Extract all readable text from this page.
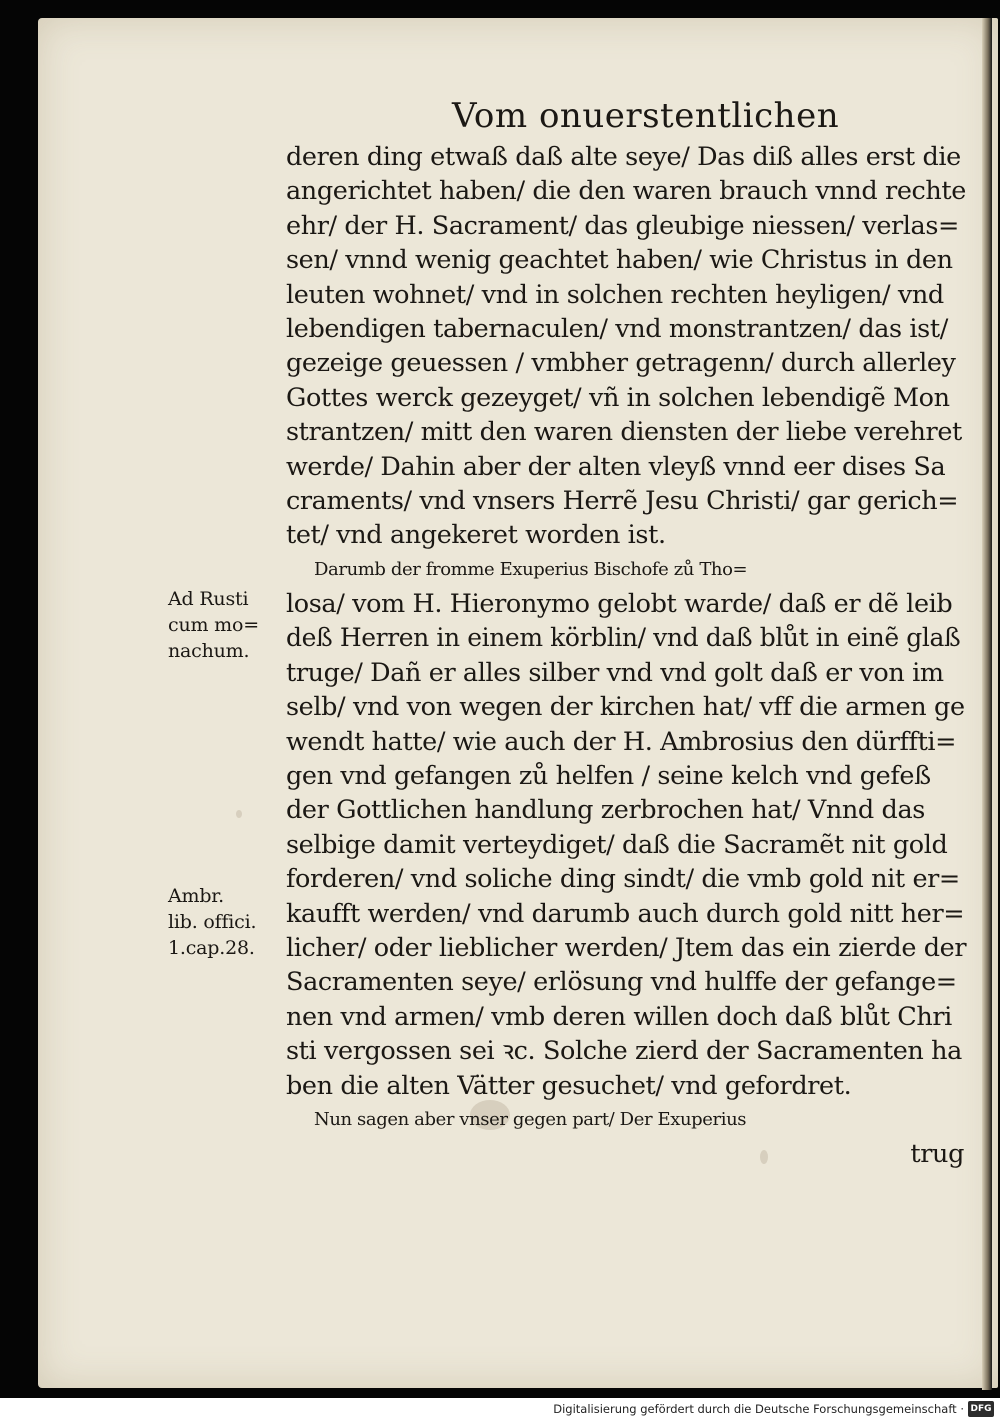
Vom onuerstentlichen
deren ding etwaß daß alte seye/ Das diß alles erst die
angerichtet haben/ die den waren brauch vnnd rechte
ehr/ der H. Sacrament/ das gleubige niessen/ verlas=
sen/ vnnd wenig geachtet haben/ wie Christus in den
leuten wohnet/ vnd in solchen rechten heyligen/ vnd
lebendigen tabernaculen/ vnd monstrantzen/ das ist/
gezeige geuessen / vmbher getragenn/ durch allerley
Gottes werck gezeyget/ vñ in solchen lebendigẽ Mon
strantzen/ mitt den waren diensten der liebe verehret
werde/ Dahin aber der alten vleyß vnnd eer dises Sa
craments/ vnd vnsers Herrẽ Jesu Christi/ gar gerich=
tet/ vnd angekeret worden ist.
Darumb der fromme Exuperius Bischofe zů Tho=
losa/ vom H. Hieronymo gelobt warde/ daß er dẽ leib
deß Herren in einem körblin/ vnd daß blůt in einẽ glaß
truge/ Dañ er alles silber vnd vnd golt daß er von im
selb/ vnd von wegen der kirchen hat/ vff die armen ge
wendt hatte/ wie auch der H. Ambrosius den dürffti=
gen vnd gefangen zů helfen / seine kelch vnd gefeß
der Gottlichen handlung zerbrochen hat/ Vnnd das
selbige damit verteydiget/ daß die Sacramẽt nit gold
forderen/ vnd soliche ding sindt/ die vmb gold nit er=
kaufft werden/ vnd darumb auch durch gold nitt her=
licher/ oder lieblicher werden/ Jtem das ein zierde der
Sacramenten seye/ erlösung vnd hulffe der gefange=
nen vnd armen/ vmb deren willen doch daß blůt Chri
sti vergossen sei ꝛc. Solche zierd der Sacramenten ha
ben die alten Vätter gesuchet/ vnd gefordret.
Nun sagen aber vnser gegen part/ Der Exuperius
trug
Ad Rusti
cum mo=
nachum.
Ambr.
lib. offici.
1.cap.28.
Digitalisierung gefördert durch die Deutsche Forschungsgemeinschaft · DFG
